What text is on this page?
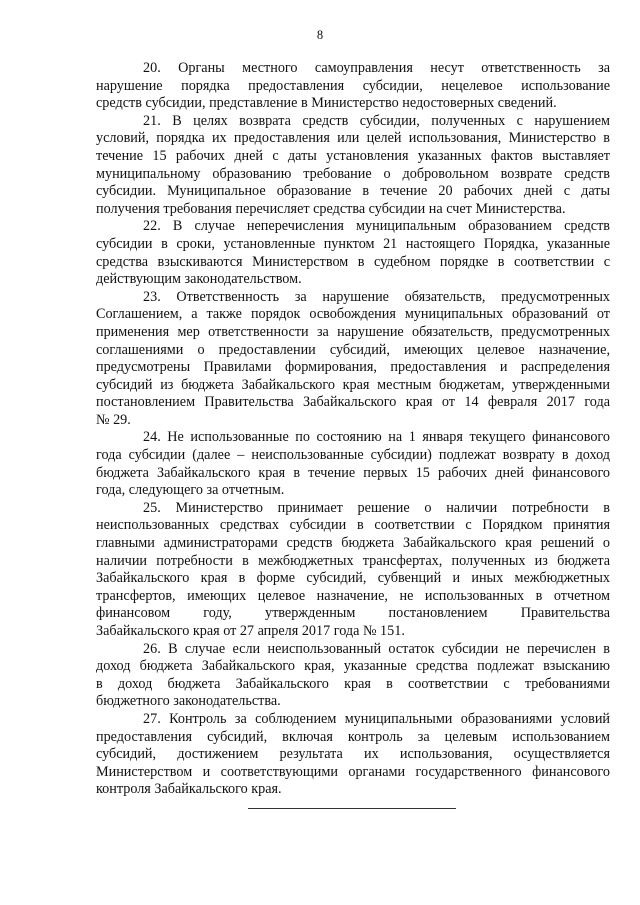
8
20. Органы местного самоуправления несут ответственность за
нарушение порядка предоставления субсидии, нецелевое использование
средств субсидии, представление в Министерство недостоверных сведений.
21. В целях возврата средств субсидии, полученных с нарушением
условий, порядка их предоставления или целей использования, Министерство в
течение 15 рабочих дней с даты установления указанных фактов выставляет
муниципальному образованию требование о добровольном возврате средств
субсидии. Муниципальное образование в течение 20 рабочих дней с даты
получения требования перечисляет средства субсидии на счет Министерства.
22. В случае неперечисления муниципальным образованием средств
субсидии в сроки, установленные пунктом 21 настоящего Порядка, указанные
средства взыскиваются Министерством в судебном порядке в соответствии с
действующим законодательством.
23. Ответственность за нарушение обязательств, предусмотренных
Соглашением, а также порядок освобождения муниципальных образований от
применения мер ответственности за нарушение обязательств, предусмотренных
соглашениями о предоставлении субсидий, имеющих целевое назначение,
предусмотрены Правилами формирования, предоставления и распределения
субсидий из бюджета Забайкальского края местным бюджетам, утвержденными
постановлением Правительства Забайкальского края от 14 февраля 2017 года
№ 29.
24. Не использованные по состоянию на 1 января текущего финансового
года субсидии (далее – неиспользованные субсидии) подлежат возврату в доход
бюджета Забайкальского края в течение первых 15 рабочих дней финансового
года, следующего за отчетным.
25. Министерство принимает решение о наличии потребности в
неиспользованных средствах субсидии в соответствии с Порядком принятия
главными администраторами средств бюджета Забайкальского края решений о
наличии потребности в межбюджетных трансфертах, полученных из бюджета
Забайкальского края в форме субсидий, субвенций и иных межбюджетных
трансфертов, имеющих целевое назначение, не использованных в отчетном
финансовом году, утвержденным постановлением Правительства
Забайкальского края от 27 апреля 2017 года № 151.
26. В случае если неиспользованный остаток субсидии не перечислен в
доход бюджета Забайкальского края, указанные средства подлежат взысканию
в доход бюджета Забайкальского края в соответствии с требованиями
бюджетного законодательства.
27. Контроль за соблюдением муниципальными образованиями условий
предоставления субсидий, включая контроль за целевым использованием
субсидий, достижением результата их использования, осуществляется
Министерством и соответствующими органами государственного финансового
контроля Забайкальского края.
